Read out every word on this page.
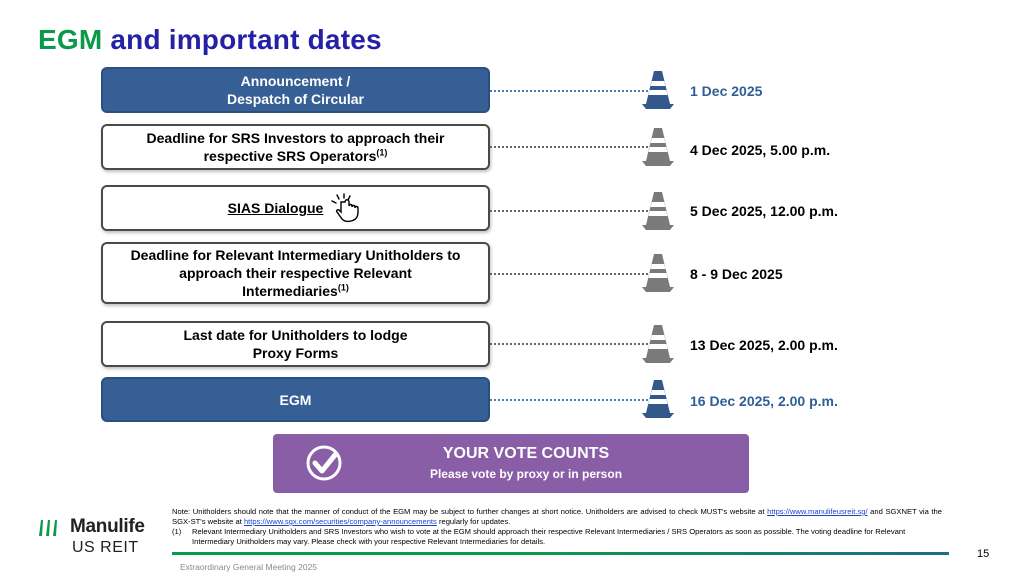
EGM and important dates
Announcement /
Despatch of Circular	1 Dec 2025
Deadline for SRS Investors to approach their
respective SRS Operators$^{(1)}$	4 Dec 2025, 5.00 p.m.
SIAS Dialogue	5 Dec 2025, 12.00 p.m.
Deadline for Relevant Intermediary Unitholders to
approach their respective Relevant
Intermediaries$^{(1)}$
8 - 9 Dec 2025
Last date for Unitholders to lodge
Proxy Forms	13 Dec 2025, 2.00 p.m.
EGM	16 Dec 2025, 2.00 p.m.
YOUR VOTE COUNTS
Please vote by proxy or in person
Manulife
US REIT
Note: Unitholders should note that the manner of conduct of the EGM may be subject to further changes at short notice. Unitholders are advised to check MUST's website at https://www.manulifeusreit.sg/ and SGXNET via the SGX-ST's website at https://www.sgx.com/securities/company-announcements regularly for updates.
(1)	Relevant Intermediary Unitholders and SRS Investors who wish to vote at the EGM should approach their respective Relevant Intermediaries / SRS Operators as soon as possible. The voting deadline for Relevant Intermediary Unitholders may vary. Please check with your respective Relevant Intermediaries for details.
15
Extraordinary General Meeting 2025
